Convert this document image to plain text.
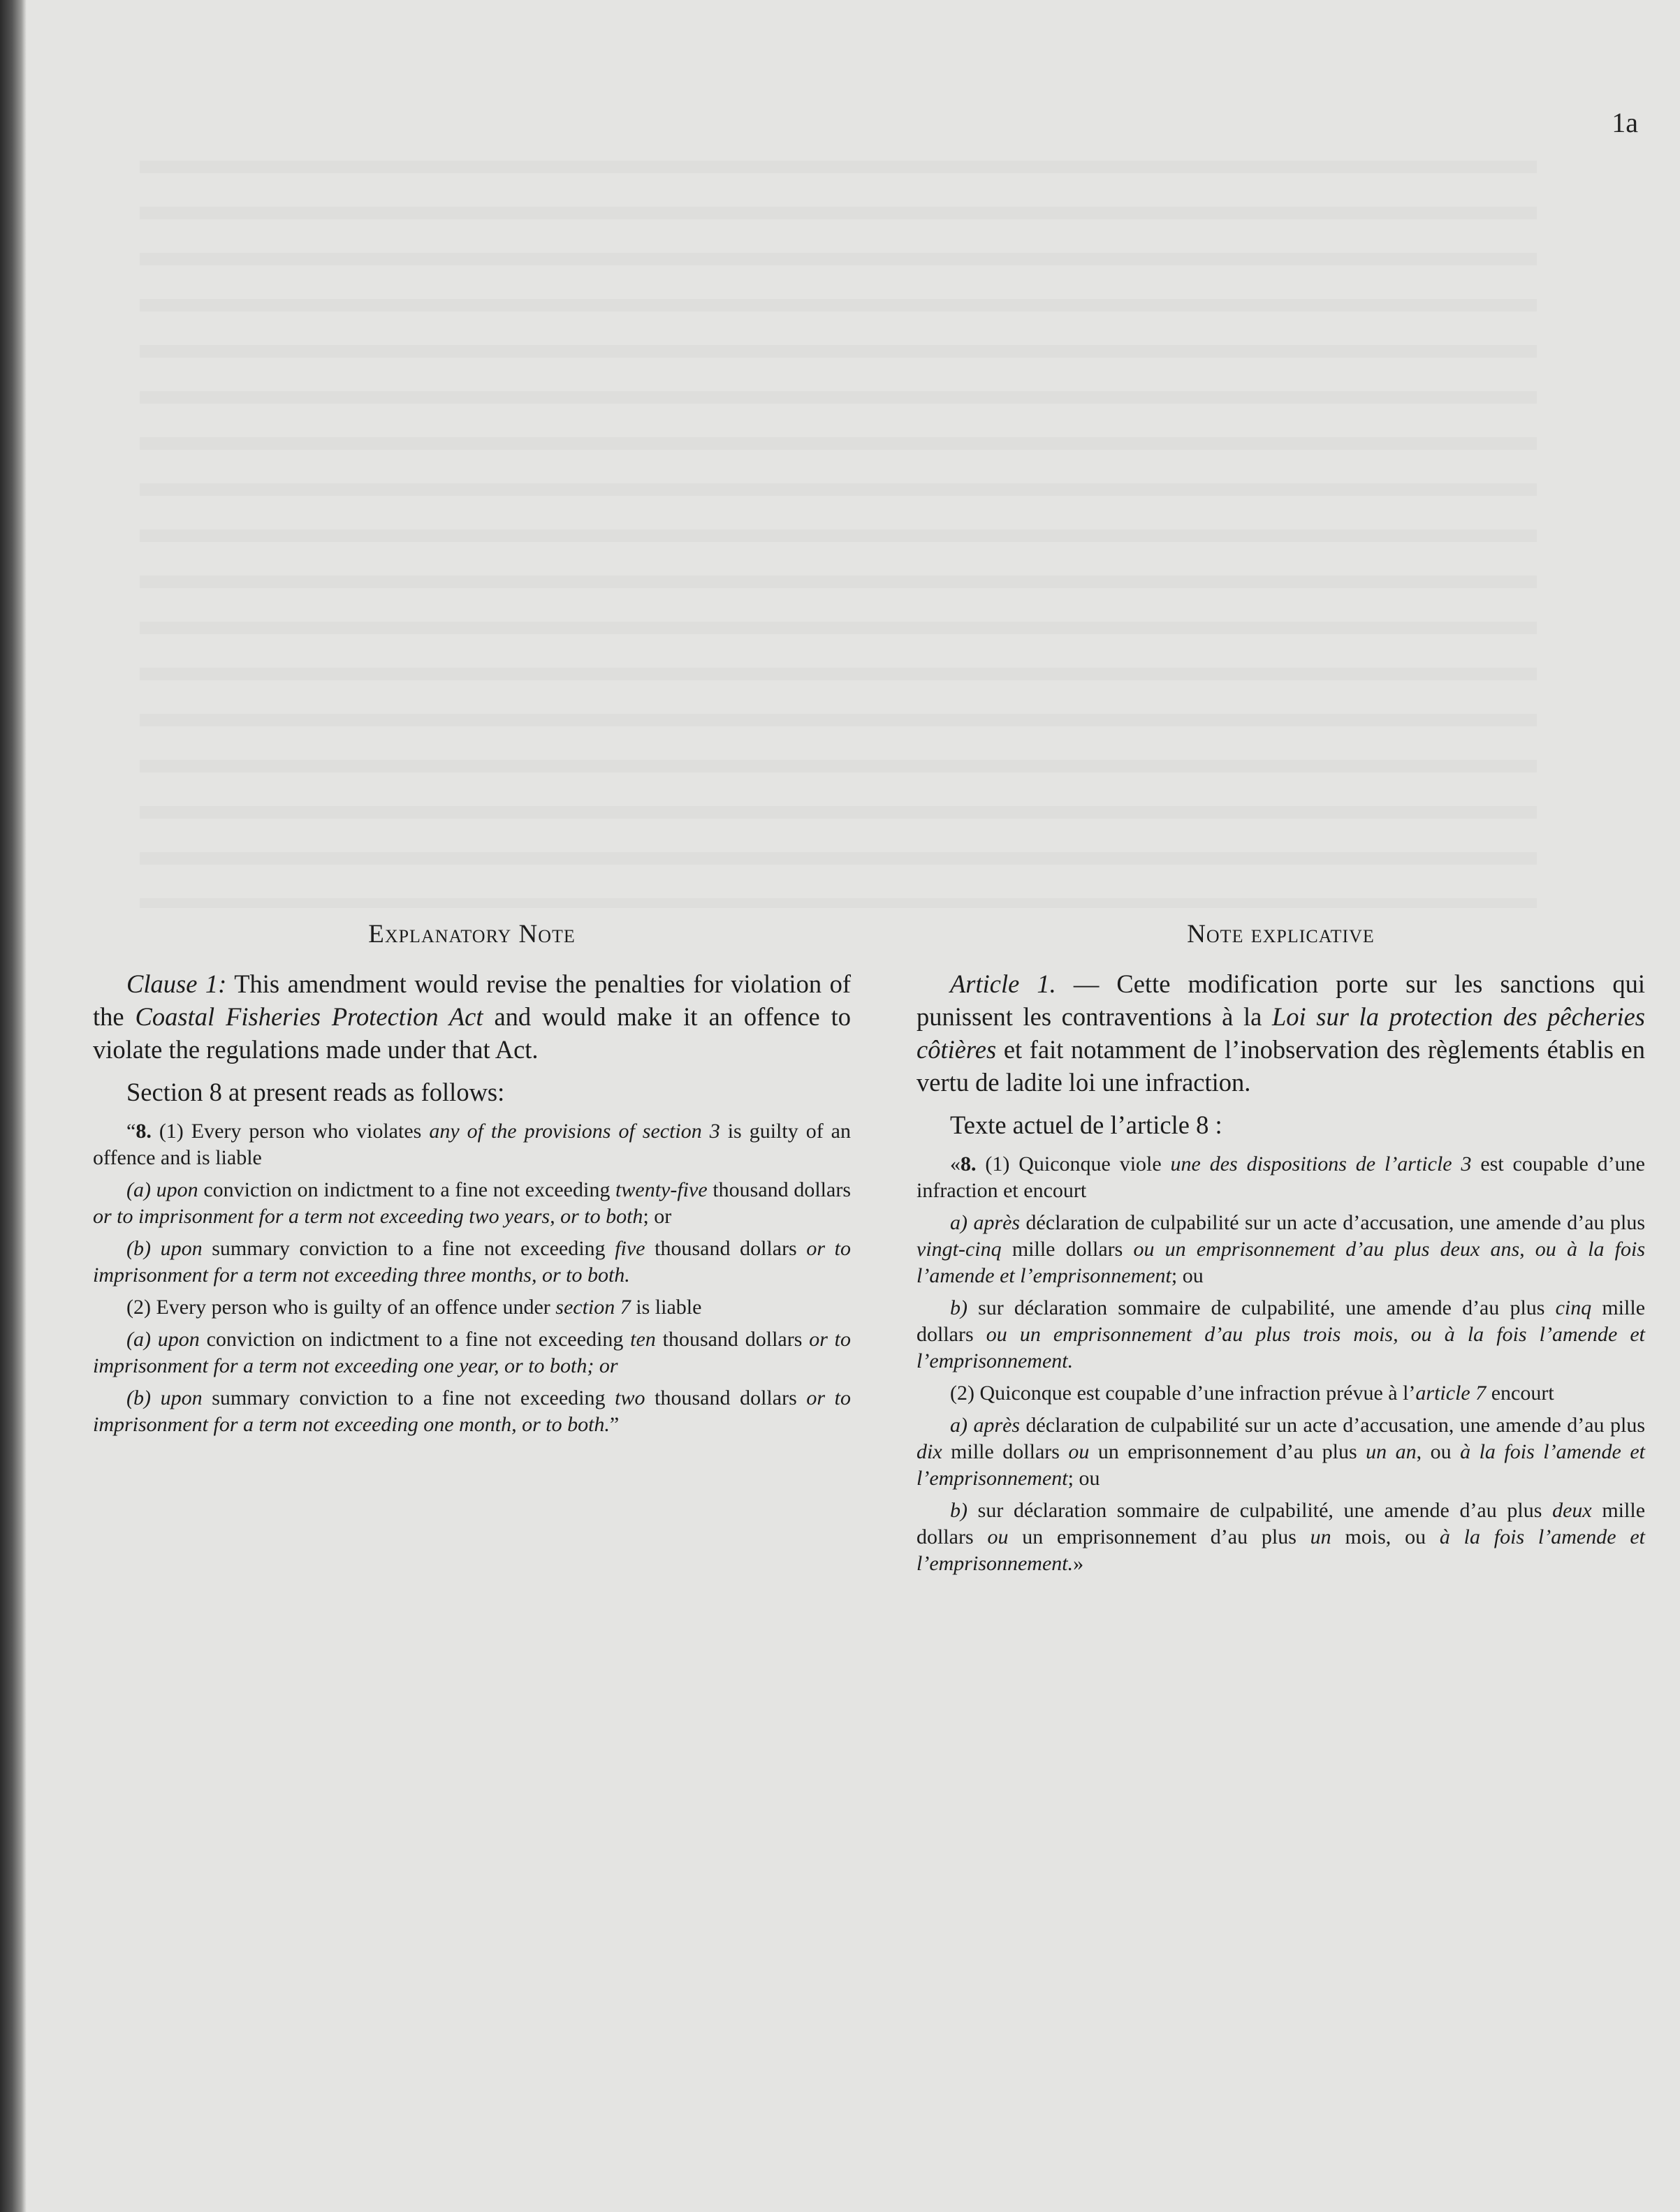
1a
Explanatory Note

Clause 1: This amendment would revise the penalties for violation of the Coastal Fisheries Protection Act and would make it an offence to violate the regulations made under that Act.

Section 8 at present reads as follows:

“8. (1) Every person who violates any of the provisions of section 3 is guilty of an offence and is liable

(a) upon conviction on indictment to a fine not exceeding twenty-five thousand dollars or to imprisonment for a term not exceeding two years, or to both; or

(b) upon summary conviction to a fine not exceeding five thousand dollars or to imprisonment for a term not exceeding three months, or to both.

(2) Every person who is guilty of an offence under section 7 is liable

(a) upon conviction on indictment to a fine not exceeding ten thousand dollars or to imprisonment for a term not exceeding one year, or to both; or

(b) upon summary conviction to a fine not exceeding two thousand dollars or to imprisonment for a term not exceeding one month, or to both.”

Note explicative

Article 1. — Cette modification porte sur les sanctions qui punissent les contraventions à la Loi sur la protection des pêcheries côtières et fait notamment de l’inobservation des règlements établis en vertu de ladite loi une infraction.

Texte actuel de l’article 8 :

«8. (1) Quiconque viole une des dispositions de l’article 3 est coupable d’une infraction et encourt

a) après déclaration de culpabilité sur un acte d’accusation, une amende d’au plus vingt-cinq mille dollars ou un emprisonnement d’au plus deux ans, ou à la fois l’amende et l’emprisonnement; ou

b) sur déclaration sommaire de culpabilité, une amende d’au plus cinq mille dollars ou un emprisonnement d’au plus trois mois, ou à la fois l’amende et l’emprisonnement.

(2) Quiconque est coupable d’une infraction prévue à l’article 7 encourt

a) après déclaration de culpabilité sur un acte d’accusation, une amende d’au plus dix mille dollars ou un emprisonnement d’au plus un an, ou à la fois l’amende et l’emprisonnement; ou

b) sur déclaration sommaire de culpabilité, une amende d’au plus deux mille dollars ou un emprisonnement d’au plus un mois, ou à la fois l’amende et l’emprisonnement.»
